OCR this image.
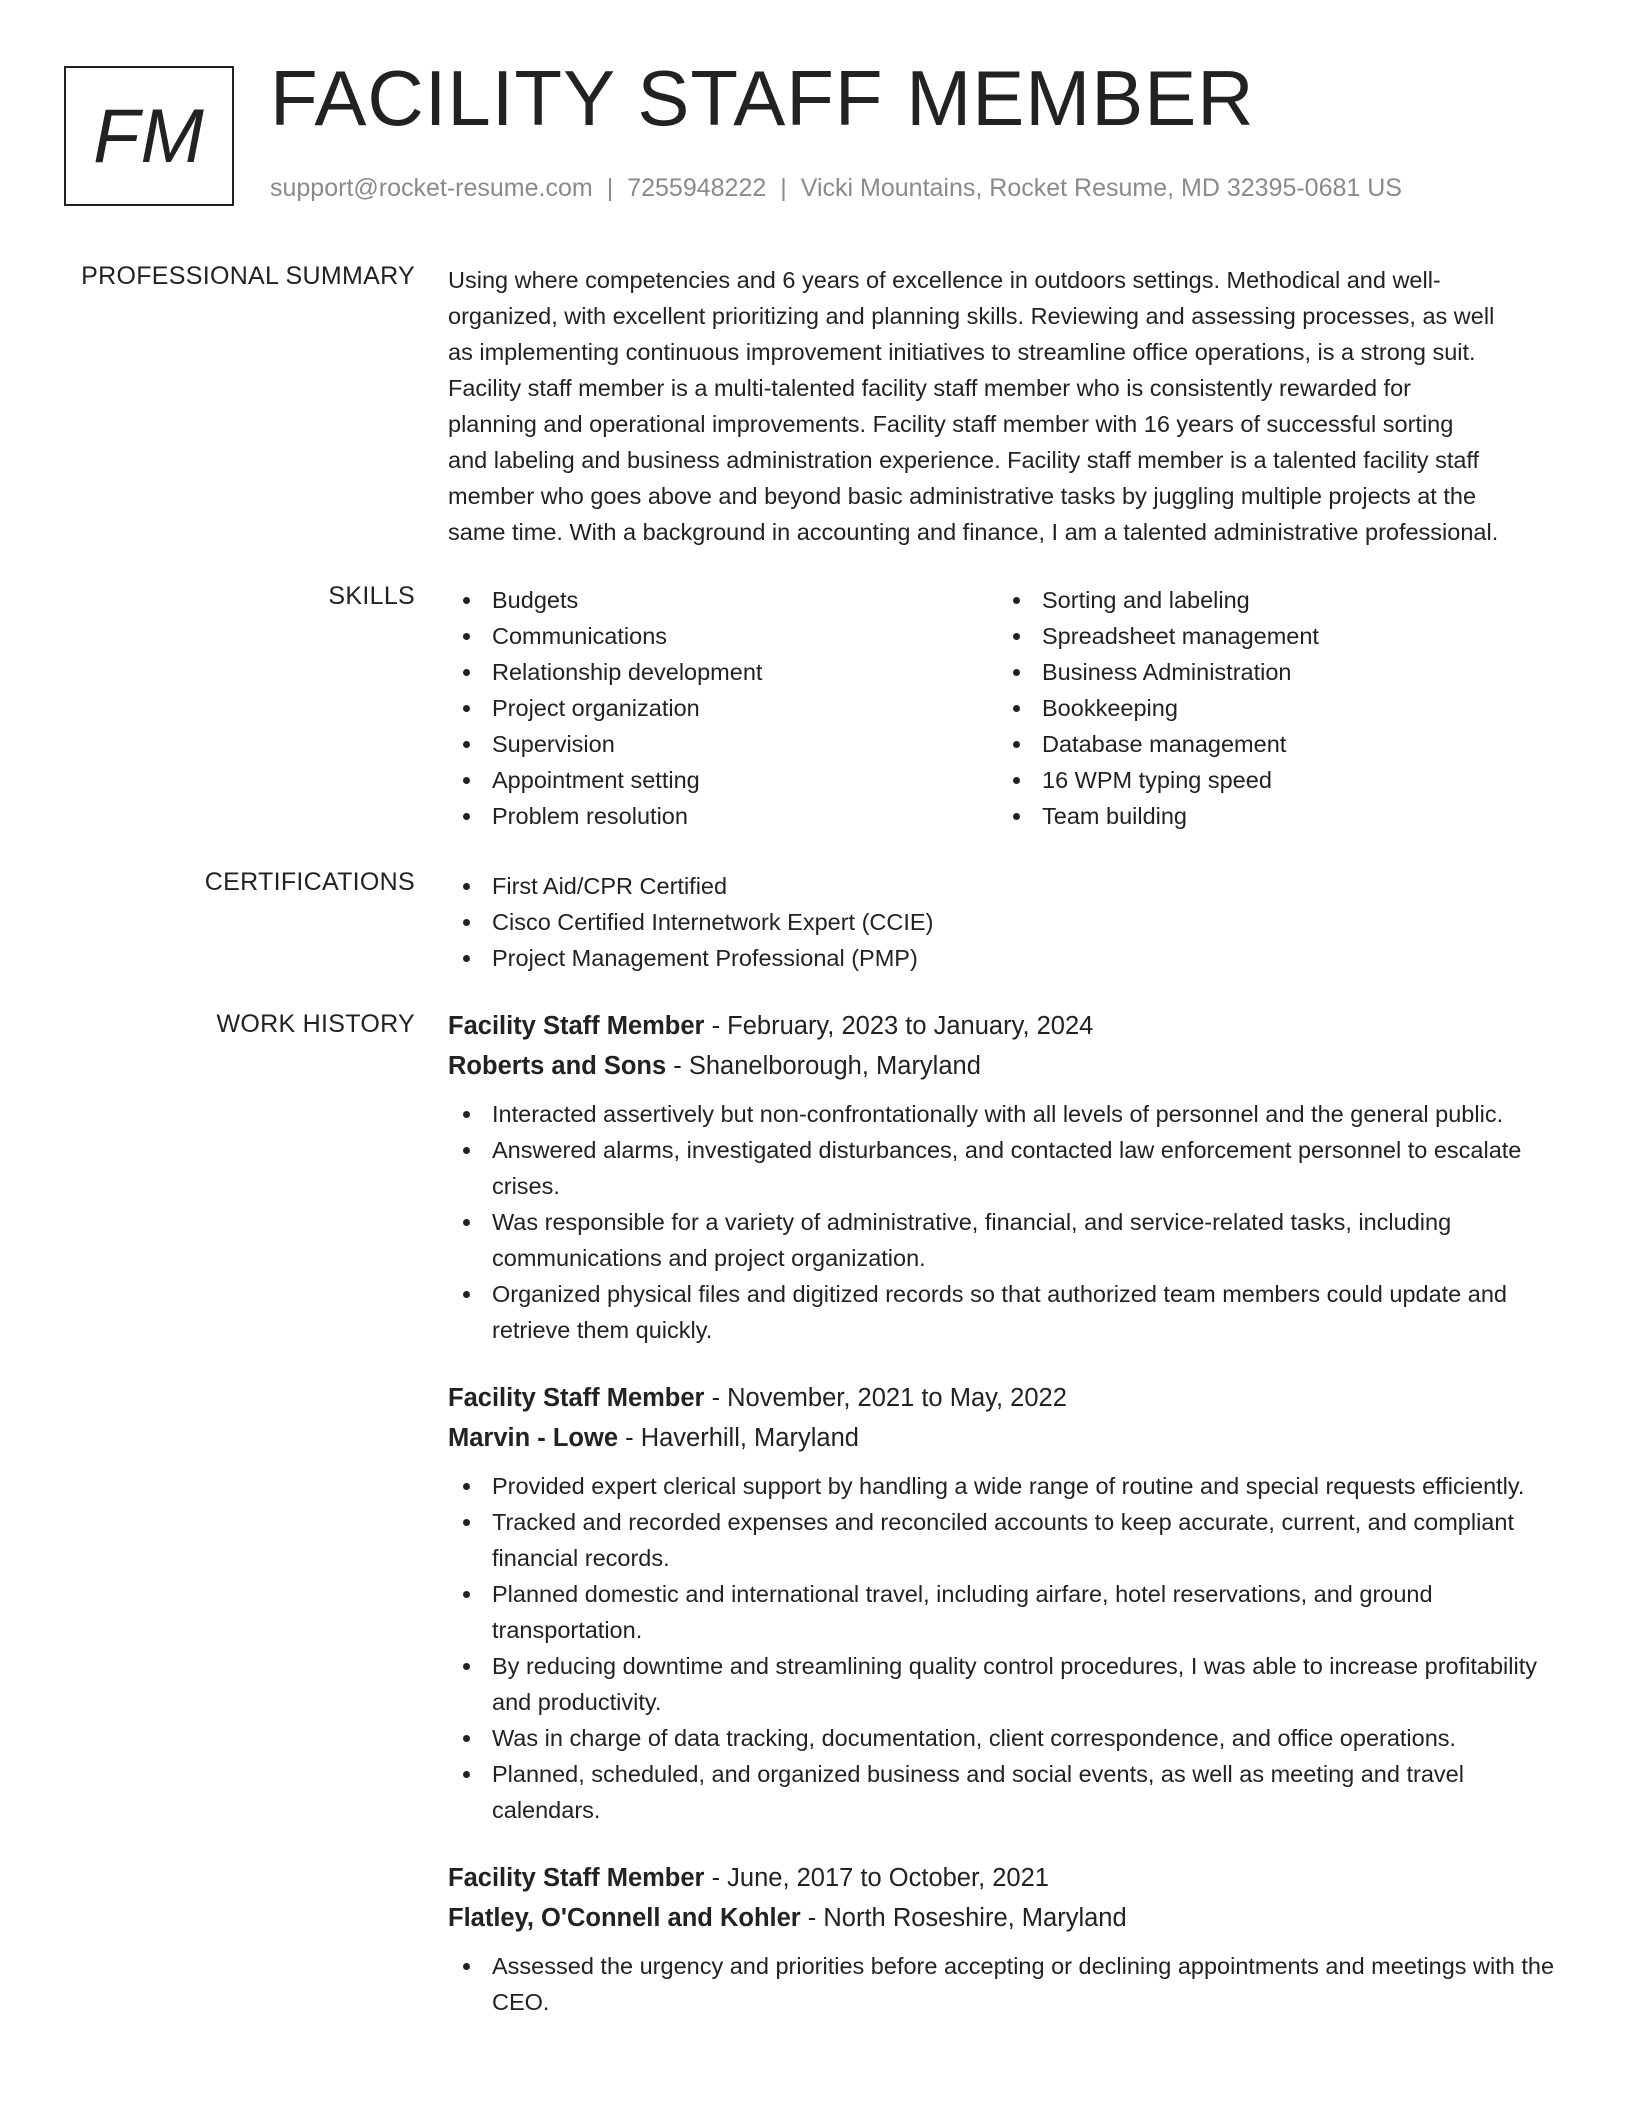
FM FACILITY STAFF MEMBER
support@rocket-resume.com | 7255948222 | Vicki Mountains, Rocket Resume, MD 32395-0681 US
PROFESSIONAL SUMMARY Using where competencies and 6 years of excellence in outdoors settings. Methodical and well-
organized, with excellent prioritizing and planning skills. Reviewing and assessing processes, as well
as implementing continuous improvement initiatives to streamline office operations, is a strong suit.
Facility staff member is a multi-talented facility staff member who is consistently rewarded for
planning and operational improvements. Facility staff member with 16 years of successful sorting
and labeling and business administration experience. Facility staff member is a talented facility staff
member who goes above and beyond basic administrative tasks by juggling multiple projects at the
same time. With a background in accounting and finance, I am a talented administrative professional.
SKILLS	Budgets
Communications
Relationship development
Project organization
Supervision
Appointment setting
Problem resolution
Sorting and labeling
Spreadsheet management
Business Administration
Bookkeeping
Database management
16 WPM typing speed
Team building
CERTIFICATIONS	First Aid/CPR Certified
Cisco Certified Internetwork Expert (CCIE)
Project Management Professional (PMP)
WORK HISTORY Facility Staff Member - February, 2023 to January, 2024
Roberts and Sons - Shanelborough, Maryland
Interacted assertively but non-confrontationally with all levels of personnel and the general public.
Answered alarms, investigated disturbances, and contacted law enforcement personnel to escalate crises.
Was responsible for a variety of administrative, financial, and service-related tasks, including communications and project organization.
Organized physical files and digitized records so that authorized team members could update and retrieve them quickly.
Facility Staff Member - November, 2021 to May, 2022
Marvin - Lowe - Haverhill, Maryland
Provided expert clerical support by handling a wide range of routine and special requests efficiently.
Tracked and recorded expenses and reconciled accounts to keep accurate, current, and compliant financial records.
Planned domestic and international travel, including airfare, hotel reservations, and ground transportation.
By reducing downtime and streamlining quality control procedures, I was able to increase profitability and productivity.
Was in charge of data tracking, documentation, client correspondence, and office operations.
Planned, scheduled, and organized business and social events, as well as meeting and travel calendars.
Facility Staff Member - June, 2017 to October, 2021
Flatley, O'Connell and Kohler - North Roseshire, Maryland
Assessed the urgency and priorities before accepting or declining appointments and meetings with the CEO.
